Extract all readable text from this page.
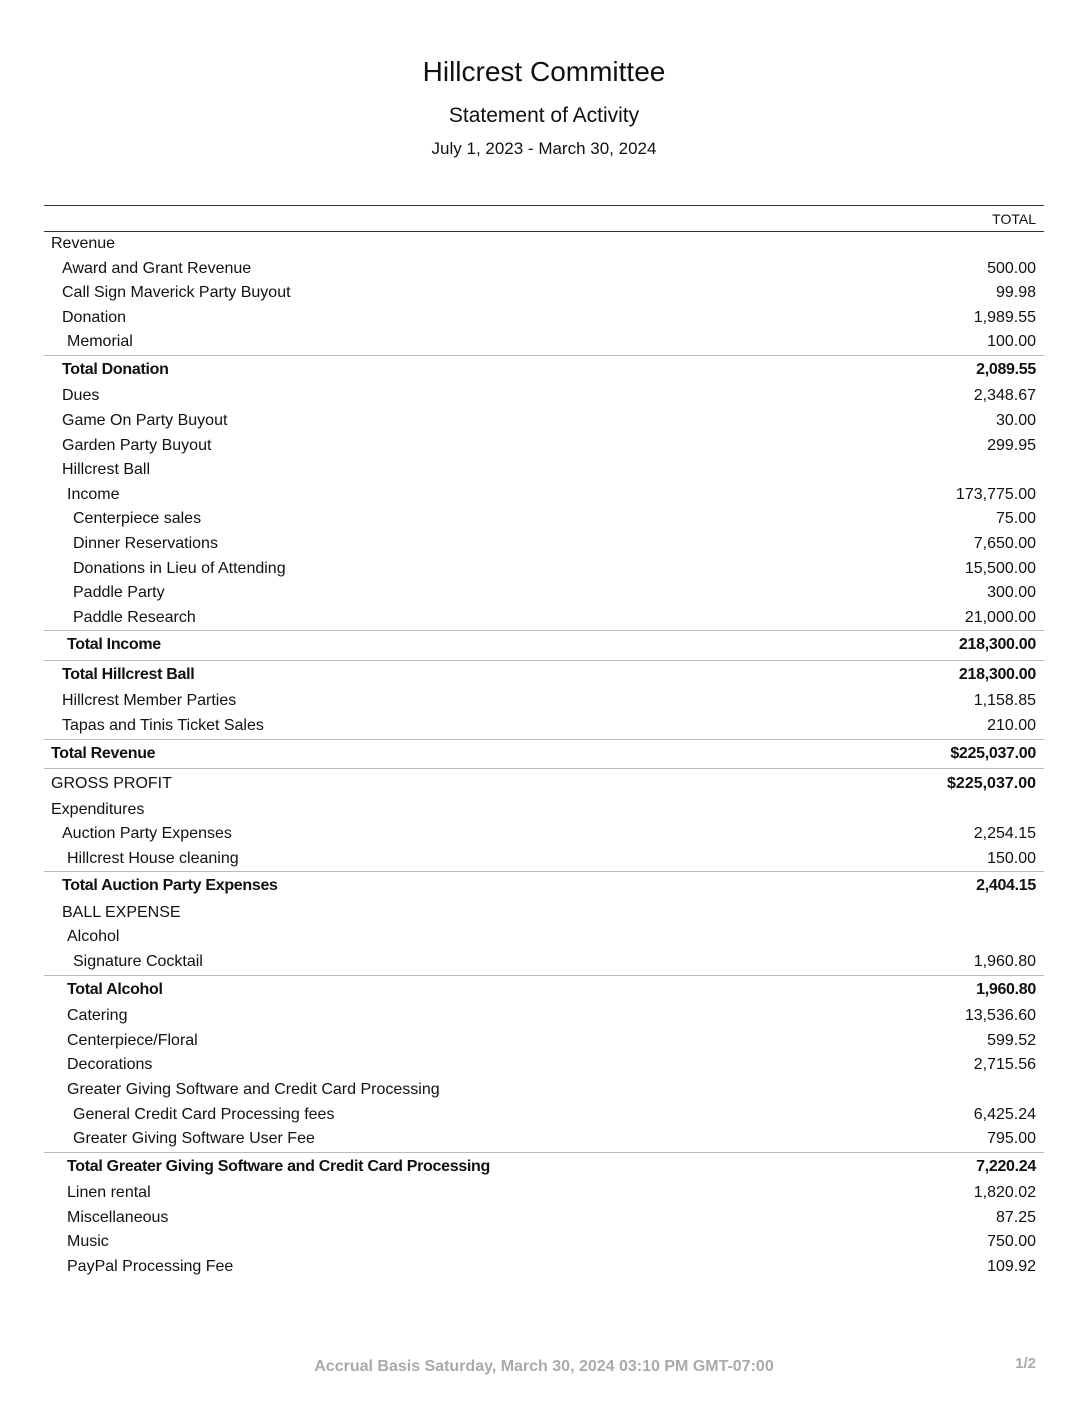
Hillcrest Committee
Statement of Activity
July 1, 2023 - March 30, 2024
TOTAL
Revenue
Award and Grant Revenue	500.00
Call Sign Maverick Party Buyout	99.98
Donation	1,989.55
Memorial	100.00
Total Donation	2,089.55
Dues	2,348.67
Game On Party Buyout	30.00
Garden Party Buyout	299.95
Hillcrest Ball
Income	173,775.00
Centerpiece sales	75.00
Dinner Reservations	7,650.00
Donations in Lieu of Attending	15,500.00
Paddle Party	300.00
Paddle Research	21,000.00
Total Income	218,300.00
Total Hillcrest Ball	218,300.00
Hillcrest Member Parties	1,158.85
Tapas and Tinis Ticket Sales	210.00
Total Revenue	$225,037.00
GROSS PROFIT	$225,037.00
Expenditures
Auction Party Expenses	2,254.15
Hillcrest House cleaning	150.00
Total Auction Party Expenses	2,404.15
BALL EXPENSE
Alcohol
Signature Cocktail	1,960.80
Total Alcohol	1,960.80
Catering	13,536.60
Centerpiece/Floral	599.52
Decorations	2,715.56
Greater Giving Software and Credit Card Processing
General Credit Card Processing fees	6,425.24
Greater Giving Software User Fee	795.00
Total Greater Giving Software and Credit Card Processing	7,220.24
Linen rental	1,820.02
Miscellaneous	87.25
Music	750.00
PayPal Processing Fee	109.92
Accrual Basis Saturday, March 30, 2024 03:10 PM GMT-07:00	1/2
